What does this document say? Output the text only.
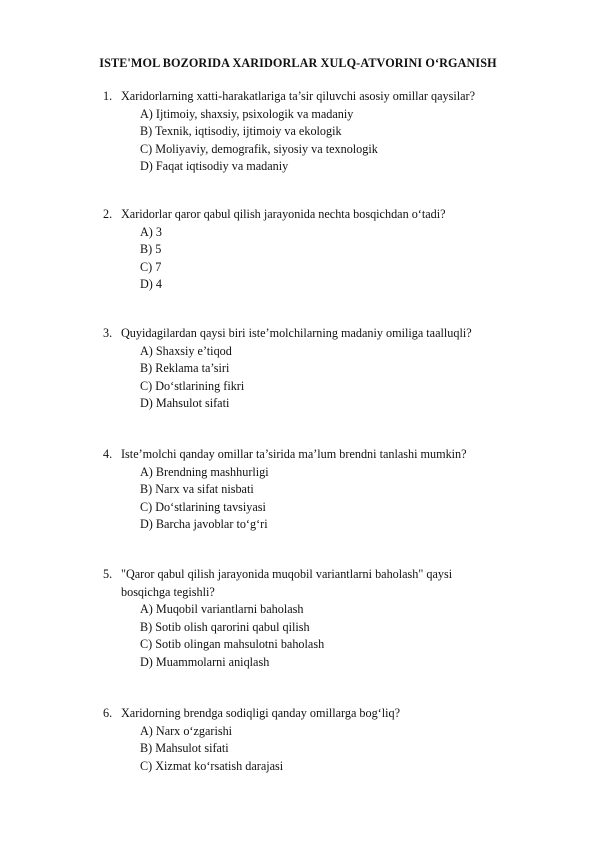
ISTE'MOL BOZORIDA XARIDORLAR XULQ-ATVORINI O‘RGANISH
1. Xaridorlarning xatti-harakatlariga ta’sir qiluvchi asosiy omillar qaysilar?
A) Ijtimoiy, shaxsiy, psixologik va madaniy
B) Texnik, iqtisodiy, ijtimoiy va ekologik
C) Moliyaviy, demografik, siyosiy va texnologik
D) Faqat iqtisodiy va madaniy
2. Xaridorlar qaror qabul qilish jarayonida nechta bosqichdan o‘tadi?
A) 3
B) 5
C) 7
D) 4
3. Quyidagilardan qaysi biri iste’molchilarning madaniy omiliga taalluqli?
A) Shaxsiy e’tiqod
B) Reklama ta’siri
C) Do‘stlarining fikri
D) Mahsulot sifati
4. Iste’molchi qanday omillar ta’sirida ma’lum brendni tanlashi mumkin?
A) Brendning mashhurligi
B) Narx va sifat nisbati
C) Do‘stlarining tavsiyasi
D) Barcha javoblar to‘g‘ri
5. "Qaror qabul qilish jarayonida muqobil variantlarni baholash" qaysi
bosqichga tegishli?
A) Muqobil variantlarni baholash
B) Sotib olish qarorini qabul qilish
C) Sotib olingan mahsulotni baholash
D) Muammolarni aniqlash
6. Xaridorning brendga sodiqligi qanday omillarga bog‘liq?
A) Narx o‘zgarishi
B) Mahsulot sifati
C) Xizmat ko‘rsatish darajasi
